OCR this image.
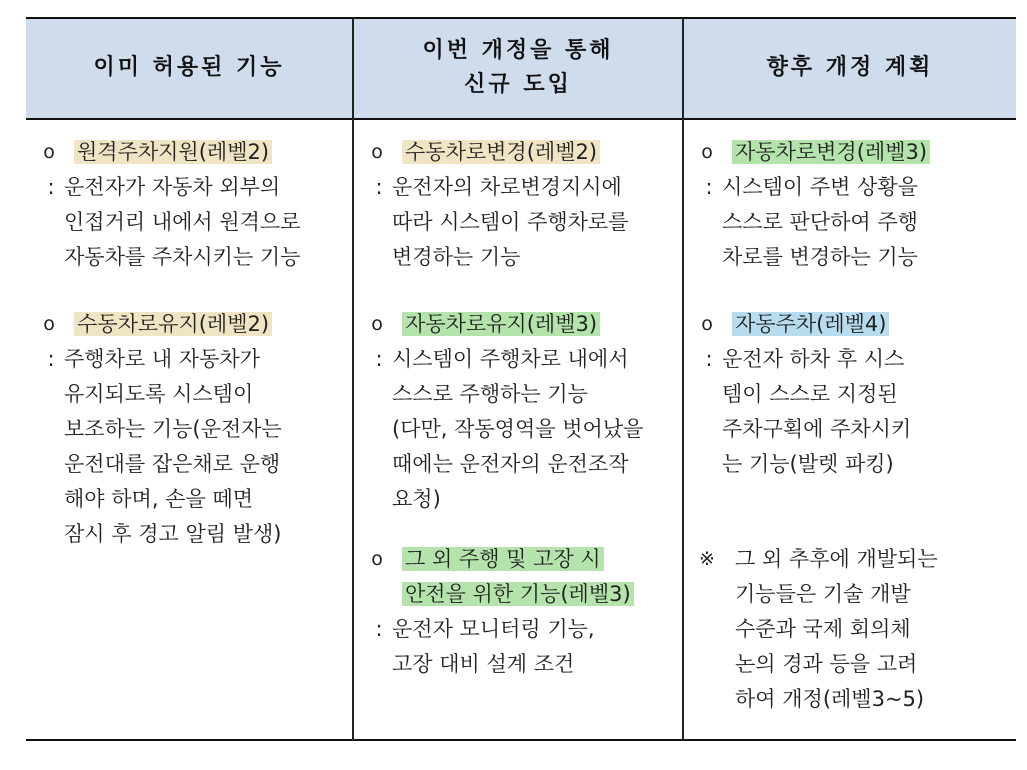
이미 허용된 기능
이번 개정을 통해
신규 도입
향후 개정 계획
o 원격주차지원(레벨2)
: 운전자가 자동차 외부의
인접거리 내에서 원격으로
자동차를 주차시키는 기능
o 수동차로유지(레벨2)
: 주행차로 내 자동차가
유지되도록 시스템이
보조하는 기능(운전자는
운전대를 잡은채로 운행
해야 하며, 손을 떼면
잠시 후 경고 알림 발생)
o 수동차로변경(레벨2)
: 운전자의 차로변경지시에
따라 시스템이 주행차로를
변경하는 기능
o 자동차로유지(레벨3)
: 시스템이 주행차로 내에서
스스로 주행하는 기능
(다만, 작동영역을 벗어났을
때에는 운전자의 운전조작
요청)
o 그 외 주행 및 고장 시
안전을 위한 기능(레벨3)
: 운전자 모니터링 기능,
고장 대비 설계 조건
o 자동차로변경(레벨3)
: 시스템이 주변 상황을
스스로 판단하여 주행
차로를 변경하는 기능
o 자동주차(레벨4)
: 운전자 하차 후 시스
템이 스스로 지정된
주차구획에 주차시키
는 기능(발렛 파킹)
※ 그 외 추후에 개발되는
기능들은 기술 개발
수준과 국제 회의체
논의 경과 등을 고려
하여 개정(레벨3~5)
